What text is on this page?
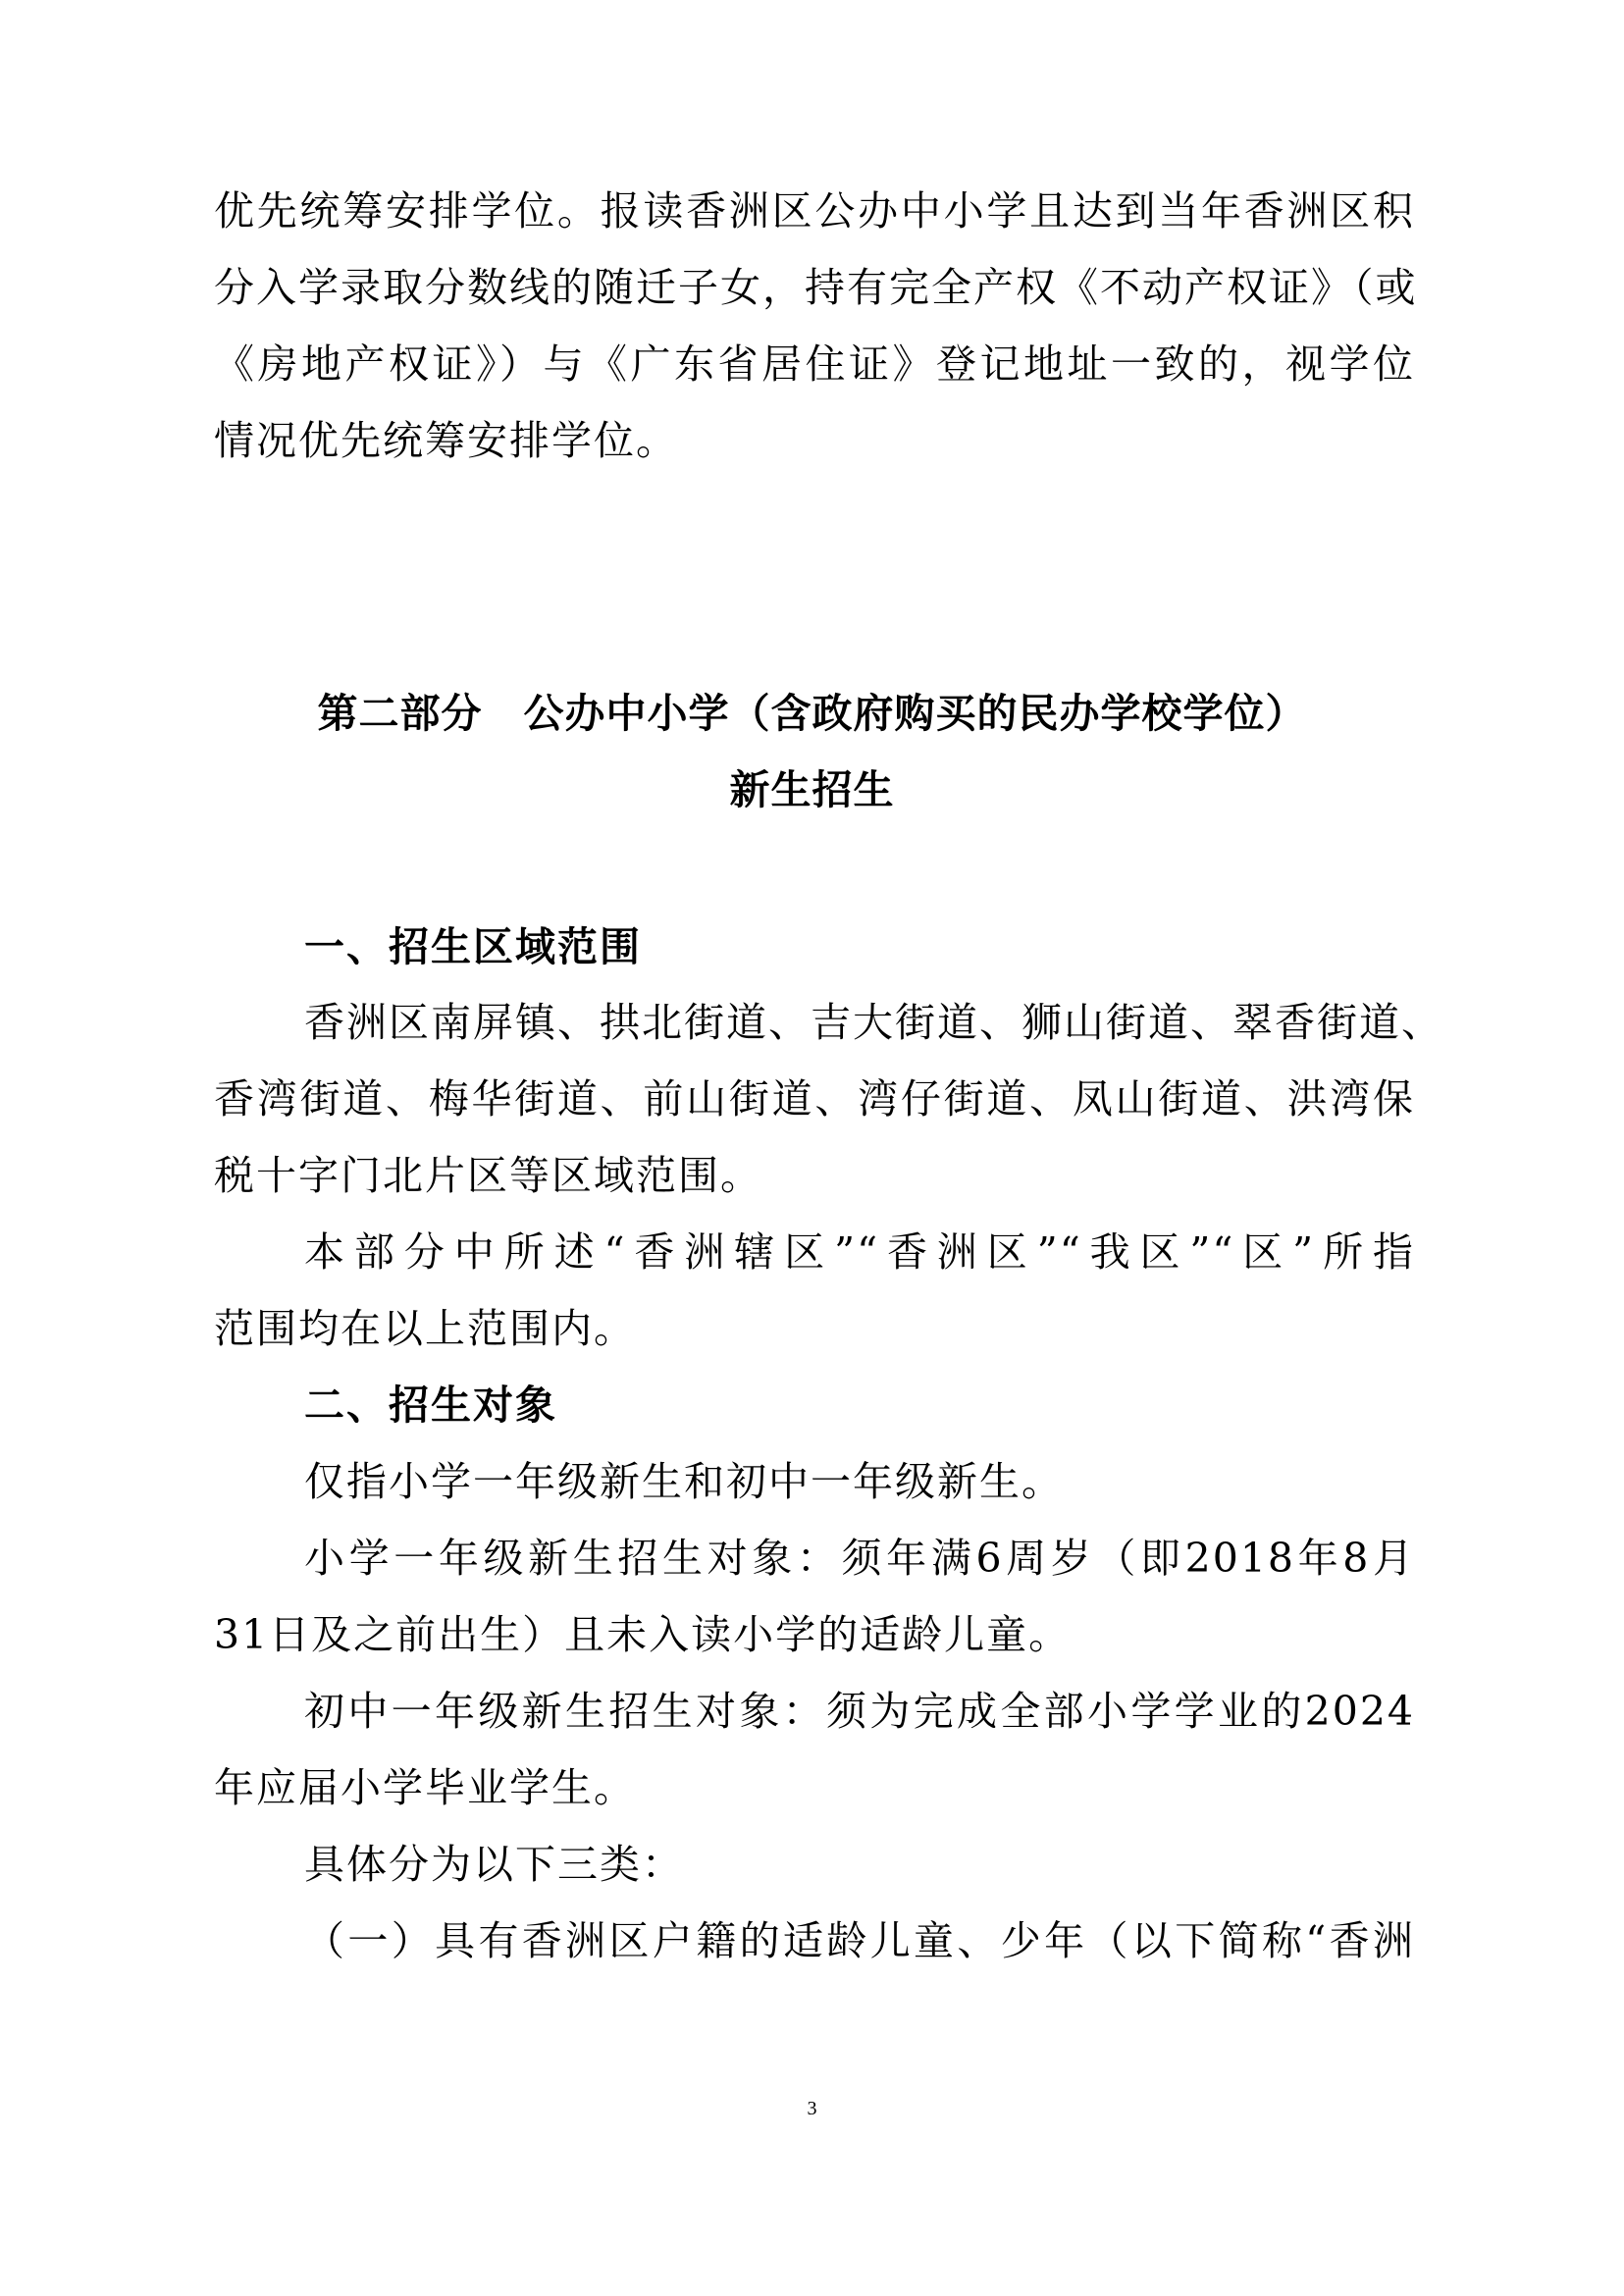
优先统筹安排学位。报读香洲区公办中小学且达到当年香洲区积
分入学录取分数线的随迁子女，持有完全产权《不动产权证》（或
《房地产权证》）与《广东省居住证》登记地址一致的，视学位
情况优先统筹安排学位。
第二部分　公办中小学（含政府购买的民办学校学位）
新生招生
一、招生区域范围
香洲区南屏镇、拱北街道、吉大街道、狮山街道、翠香街道、
香湾街道、梅华街道、前山街道、湾仔街道、凤山街道、洪湾保
税十字门北片区等区域范围。
本部分中所述“香洲辖区”“香洲区”“我区”“区”所指
范围均在以上范围内。
二、招生对象
仅指小学一年级新生和初中一年级新生。
小学一年级新生招生对象：须年满6周岁（即2018年8月
31日及之前出生）且未入读小学的适龄儿童。
初中一年级新生招生对象：须为完成全部小学学业的2024
年应届小学毕业学生。
具体分为以下三类：
（一）具有香洲区户籍的适龄儿童、少年（以下简称“香洲
3
